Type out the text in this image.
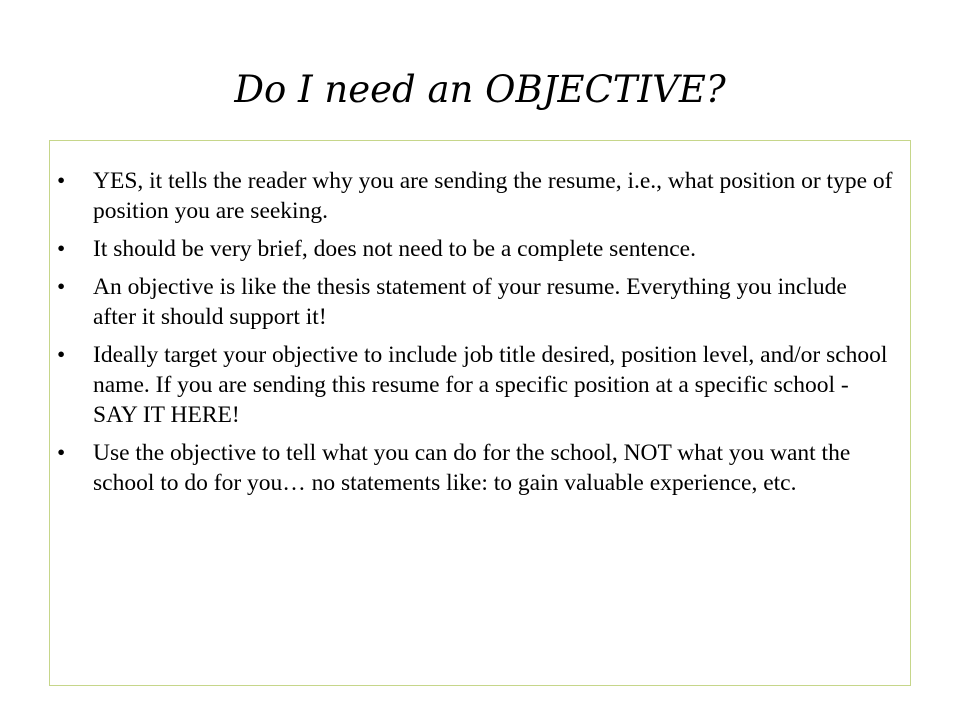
Do I need an OBJECTIVE?
• YES, it tells the reader why you are sending the resume, i.e., what position or type of position you are seeking.
• It should be very brief, does not need to be a complete sentence.
• An objective is like the thesis statement of your resume. Everything you include after it should support it!
• Ideally target your objective to include job title desired, position level, and/or school name. If you are sending this resume for a specific position at a specific school - SAY IT HERE!
• Use the objective to tell what you can do for the school, NOT what you want the school to do for you… no statements like: to gain valuable experience, etc.
